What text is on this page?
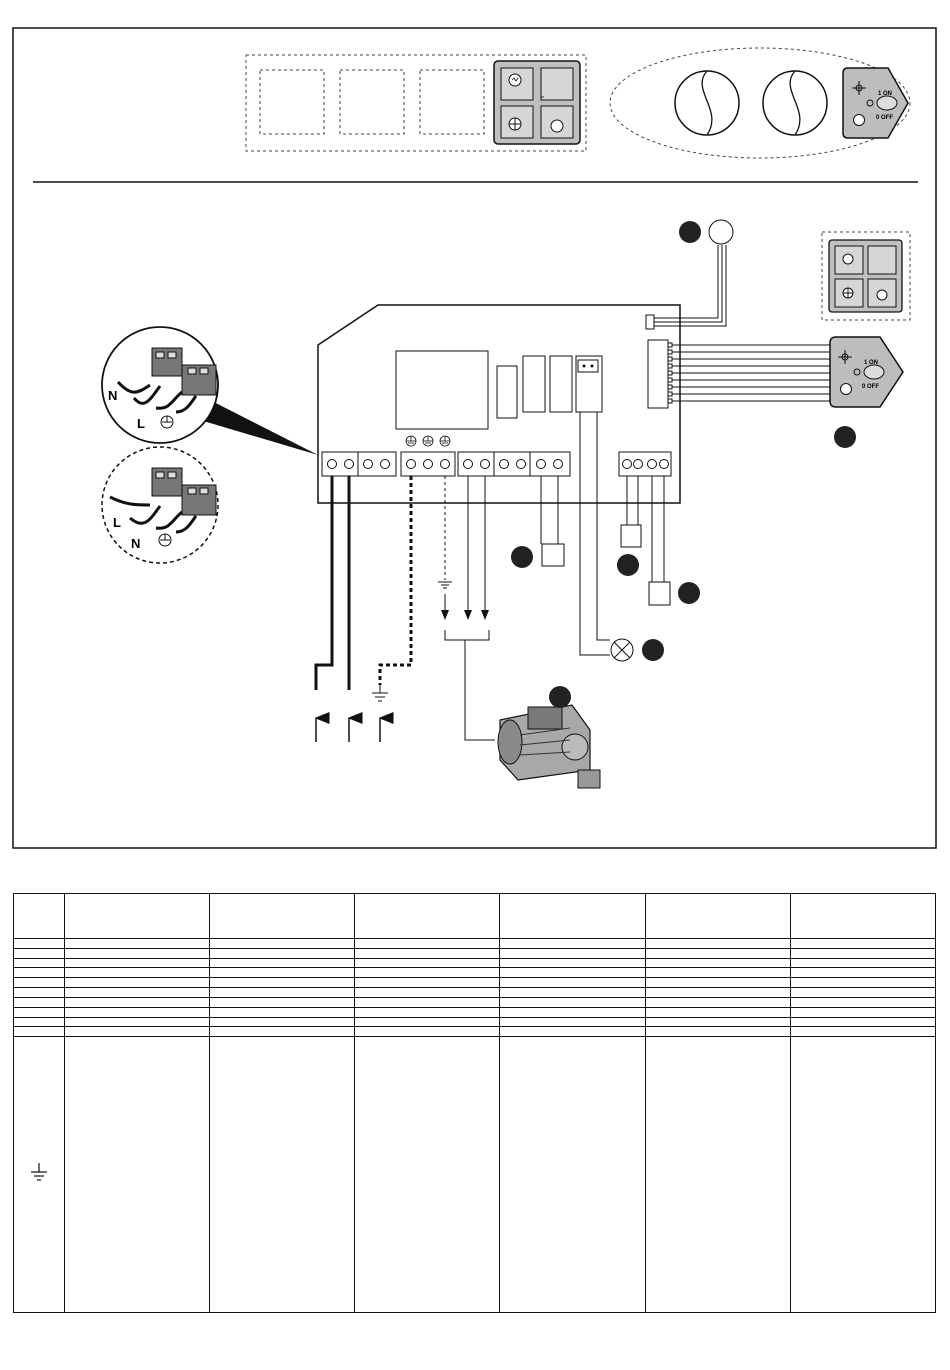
1 ON
0 OFF
N
L
L
N
1 ON
0 OFF
